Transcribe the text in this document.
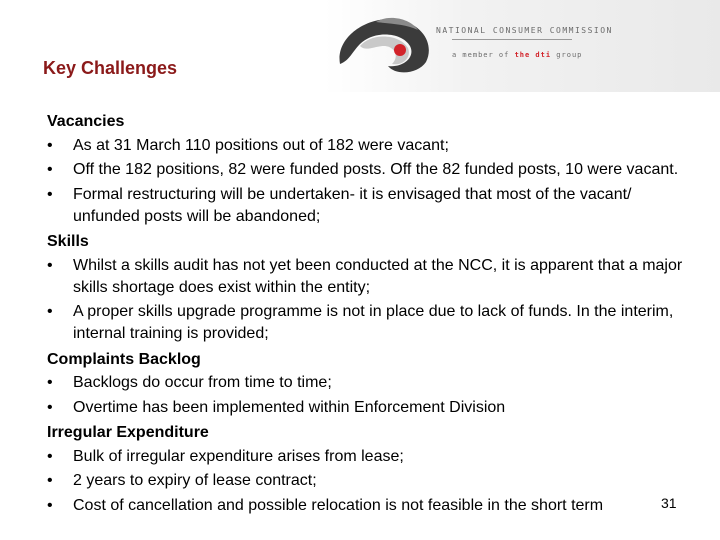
NATIONAL CONSUMER COMMISSION
a member of the dti group
Key Challenges
Vacancies
• As at 31 March 110 positions out of 182 were vacant;
• Off the 182 positions, 82 were funded posts. Off the 82 funded posts, 10 were vacant.
• Formal restructuring will be undertaken- it is envisaged that most of the vacant/ unfunded posts will be abandoned;
Skills
• Whilst a skills audit has not yet been conducted at the NCC, it is apparent that a major skills shortage does exist within the entity;
• A proper skills upgrade programme is not in place due to lack of funds. In the interim, internal training is provided;
Complaints Backlog
• Backlogs do occur from time to time;
• Overtime has been implemented within Enforcement Division
Irregular Expenditure
• Bulk of irregular expenditure arises from lease;
• 2 years to expiry of lease contract;
• Cost of cancellation and possible relocation is not feasible in the short term	31
